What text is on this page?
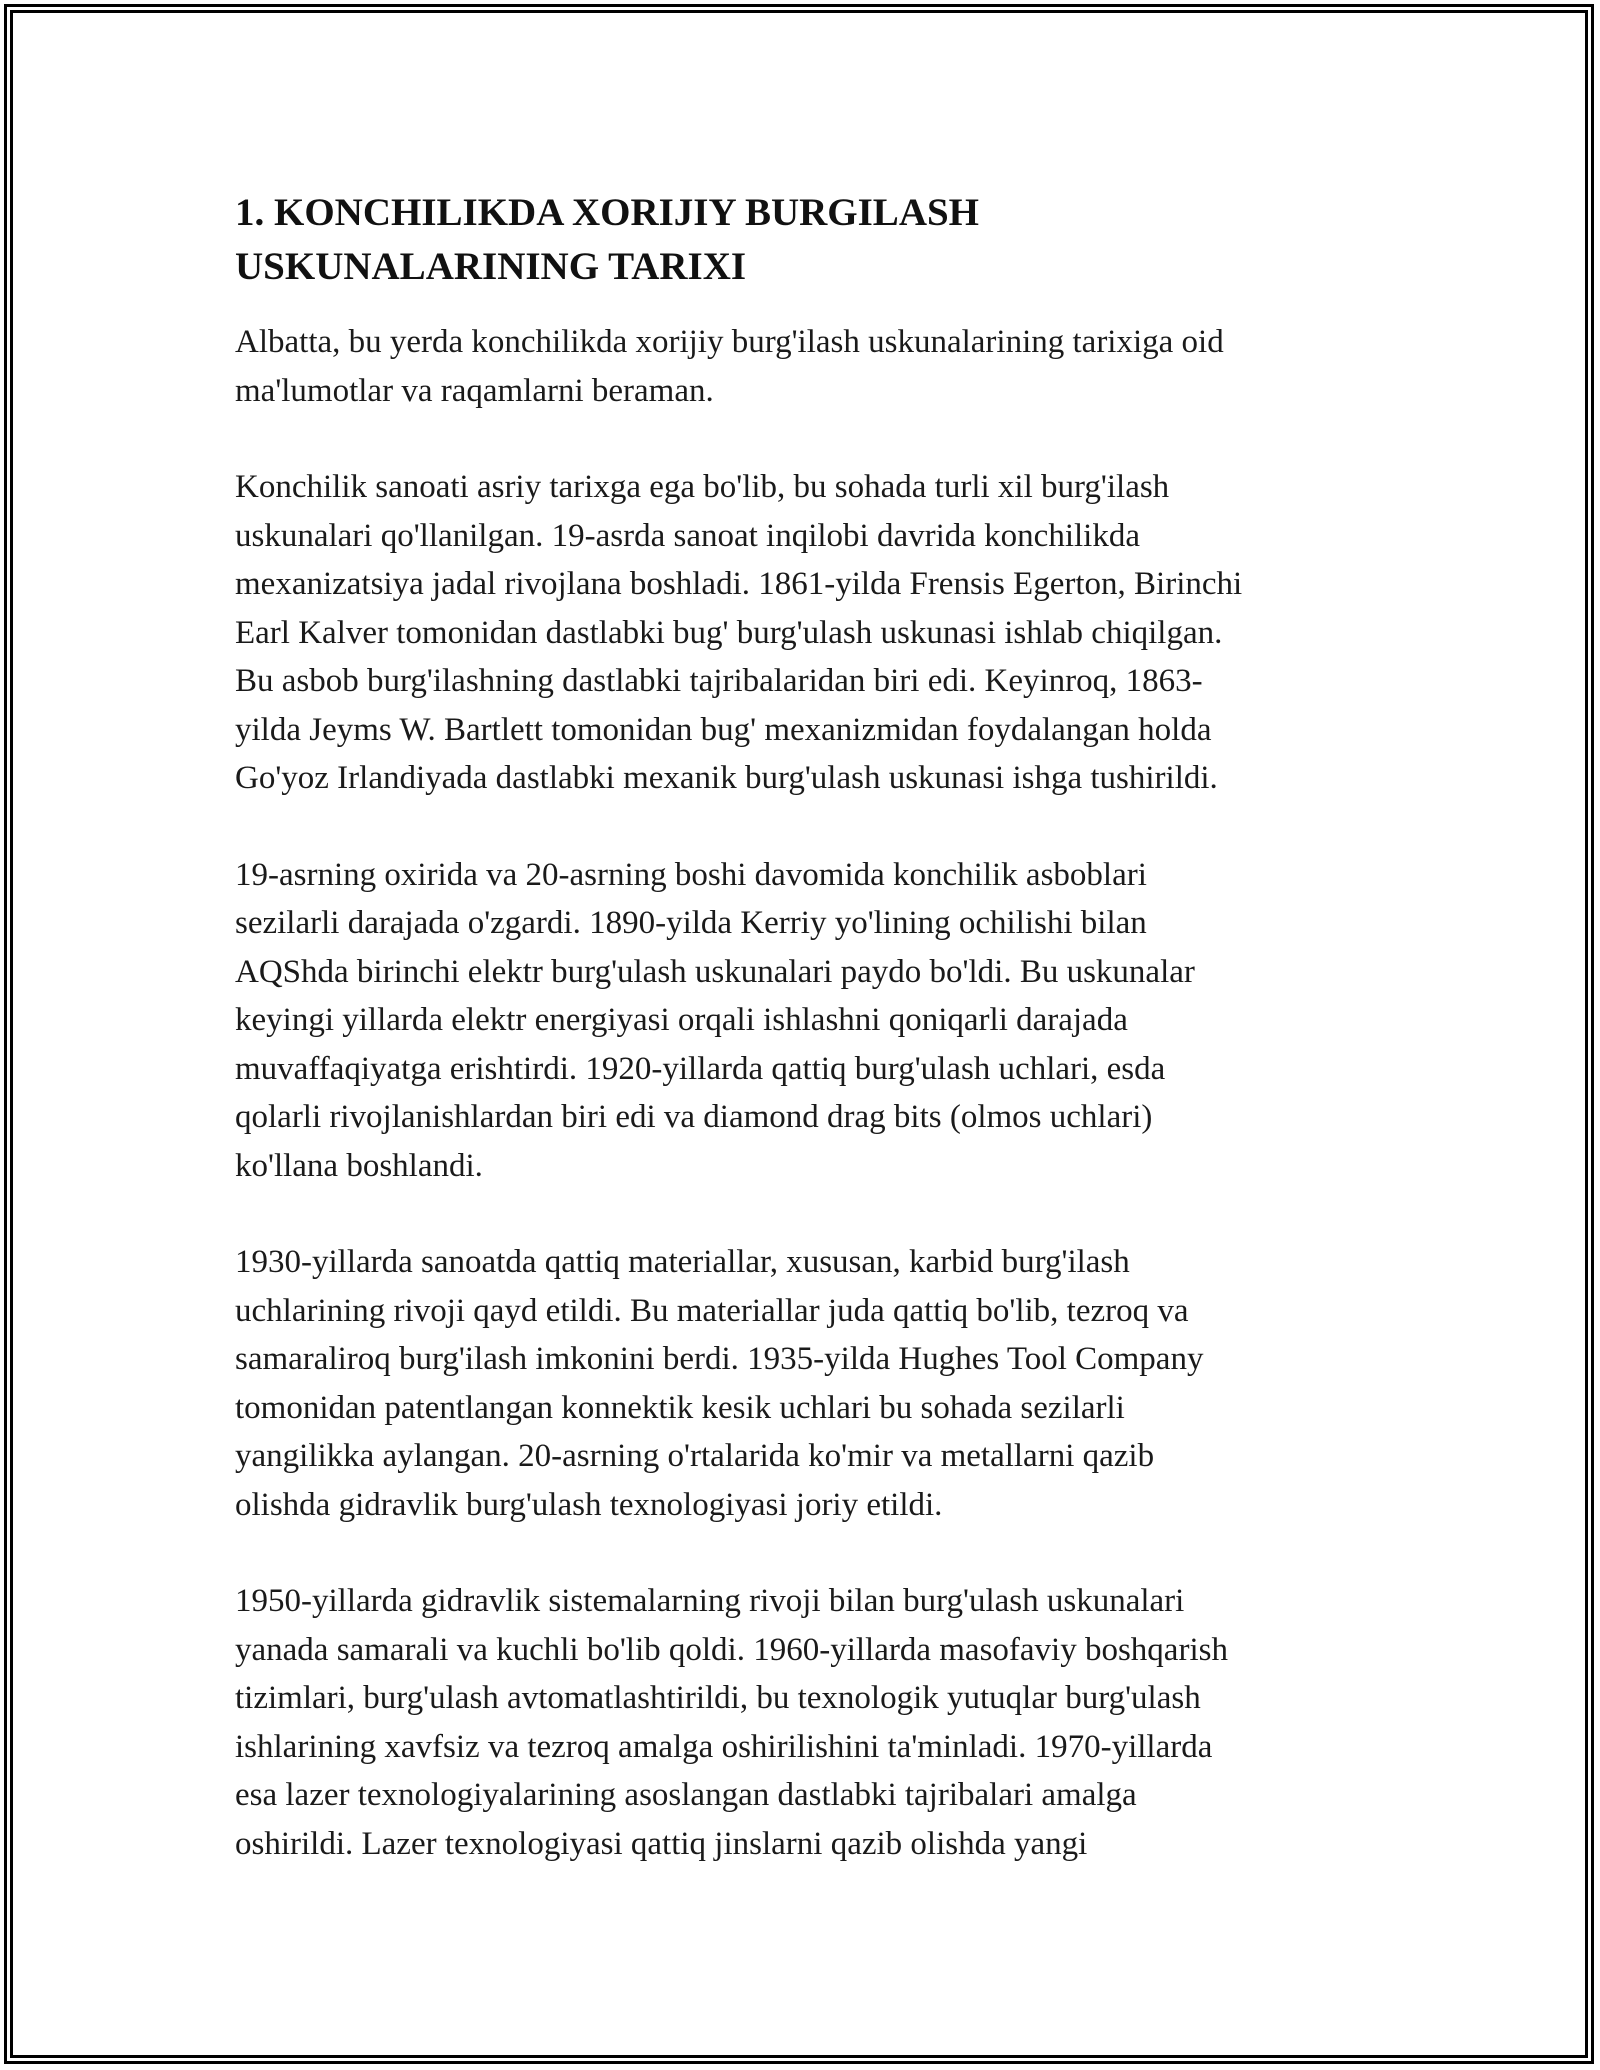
1. KONCHILIKDA XORIJIY BURGILASH
USKUNALARINING TARIXI

Albatta, bu yerda konchilikda xorijiy burg'ilash uskunalarining tarixiga oid
ma'lumotlar va raqamlarni beraman.

Konchilik sanoati asriy tarixga ega bo'lib, bu sohada turli xil burg'ilash
uskunalari qo'llanilgan. 19-asrda sanoat inqilobi davrida konchilikda
mexanizatsiya jadal rivojlana boshladi. 1861-yilda Frensis Egerton, Birinchi
Earl Kalver tomonidan dastlabki bug' burg'ulash uskunasi ishlab chiqilgan.
Bu asbob burg'ilashning dastlabki tajribalaridan biri edi. Keyinroq, 1863-
yilda Jeyms W. Bartlett tomonidan bug' mexanizmidan foydalangan holda
Go'yoz Irlandiyada dastlabki mexanik burg'ulash uskunasi ishga tushirildi.

19-asrning oxirida va 20-asrning boshi davomida konchilik asboblari
sezilarli darajada o'zgardi. 1890-yilda Kerriy yo'lining ochilishi bilan
AQShda birinchi elektr burg'ulash uskunalari paydo bo'ldi. Bu uskunalar
keyingi yillarda elektr energiyasi orqali ishlashni qoniqarli darajada
muvaffaqiyatga erishtirdi. 1920-yillarda qattiq burg'ulash uchlari, esda
qolarli rivojlanishlardan biri edi va diamond drag bits (olmos uchlari)
ko'llana boshlandi.

1930-yillarda sanoatda qattiq materiallar, xususan, karbid burg'ilash
uchlarining rivoji qayd etildi. Bu materiallar juda qattiq bo'lib, tezroq va
samaraliroq burg'ilash imkonini berdi. 1935-yilda Hughes Tool Company
tomonidan patentlangan konnektik kesik uchlari bu sohada sezilarli
yangilikka aylangan. 20-asrning o'rtalarida ko'mir va metallarni qazib
olishda gidravlik burg'ulash texnologiyasi joriy etildi.

1950-yillarda gidravlik sistemalarning rivoji bilan burg'ulash uskunalari
yanada samarali va kuchli bo'lib qoldi. 1960-yillarda masofaviy boshqarish
tizimlari, burg'ulash avtomatlashtirildi, bu texnologik yutuqlar burg'ulash
ishlarining xavfsiz va tezroq amalga oshirilishini ta'minladi. 1970-yillarda
esa lazer texnologiyalarining asoslangan dastlabki tajribalari amalga
oshirildi. Lazer texnologiyasi qattiq jinslarni qazib olishda yangi
